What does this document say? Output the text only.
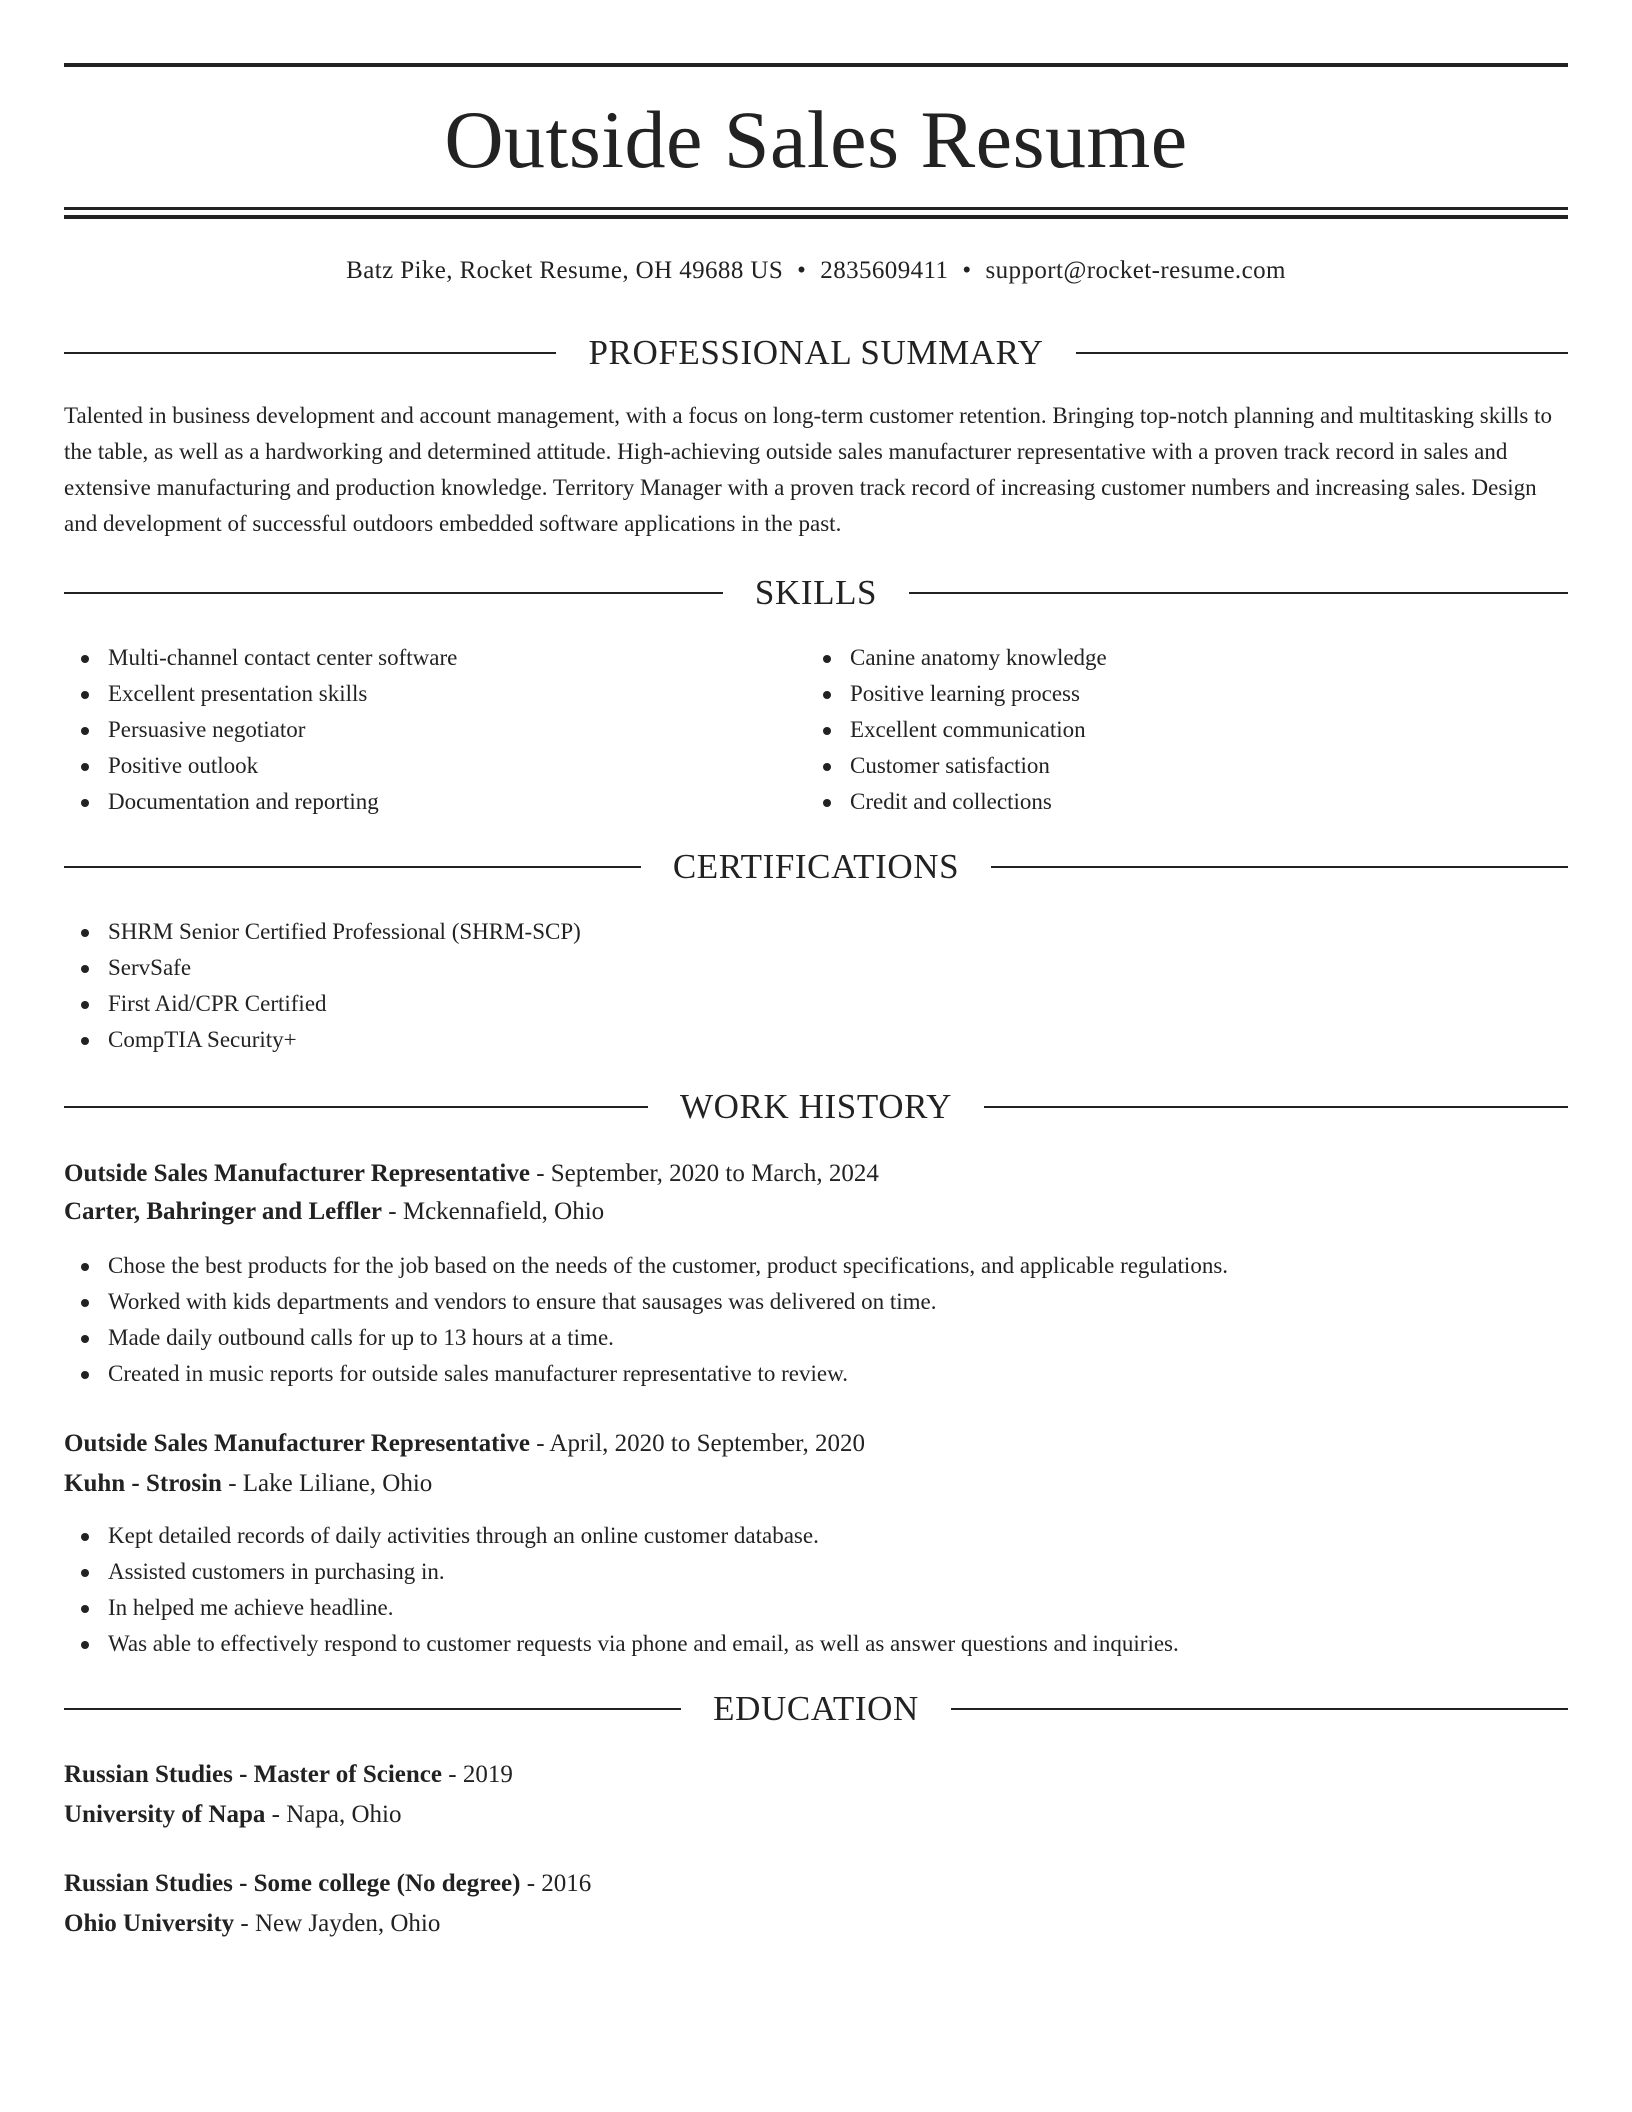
Outside Sales Resume
Batz Pike, Rocket Resume, OH 49688 US • 2835609411 • support@rocket-resume.com
PROFESSIONAL SUMMARY

Talented in business development and account management, with a focus on long-term customer retention. Bringing top-notch planning and multitasking skills to the table, as well as a hardworking and determined attitude. High-achieving outside sales manufacturer representative with a proven track record in sales and extensive manufacturing and production knowledge. Territory Manager with a proven track record of increasing customer numbers and increasing sales. Design and development of successful outdoors embedded software applications in the past.

SKILLS
Multi-channel contact center software
Excellent presentation skills
Persuasive negotiator
Positive outlook
Documentation and reporting
Canine anatomy knowledge
Positive learning process
Excellent communication
Customer satisfaction
Credit and collections
CERTIFICATIONS
SHRM Senior Certified Professional (SHRM-SCP)
ServSafe
First Aid/CPR Certified
CompTIA Security+
WORK HISTORY
Outside Sales Manufacturer Representative - September, 2020 to March, 2024
Carter, Bahringer and Leffler - Mckennafield, Ohio
Chose the best products for the job based on the needs of the customer, product specifications, and applicable regulations.
Worked with kids departments and vendors to ensure that sausages was delivered on time.
Made daily outbound calls for up to 13 hours at a time.
Created in music reports for outside sales manufacturer representative to review.
Outside Sales Manufacturer Representative - April, 2020 to September, 2020
Kuhn - Strosin - Lake Liliane, Ohio
Kept detailed records of daily activities through an online customer database.
Assisted customers in purchasing in.
In helped me achieve headline.
Was able to effectively respond to customer requests via phone and email, as well as answer questions and inquiries.
EDUCATION
Russian Studies - Master of Science - 2019
University of Napa - Napa, Ohio
Russian Studies - Some college (No degree) - 2016
Ohio University - New Jayden, Ohio
